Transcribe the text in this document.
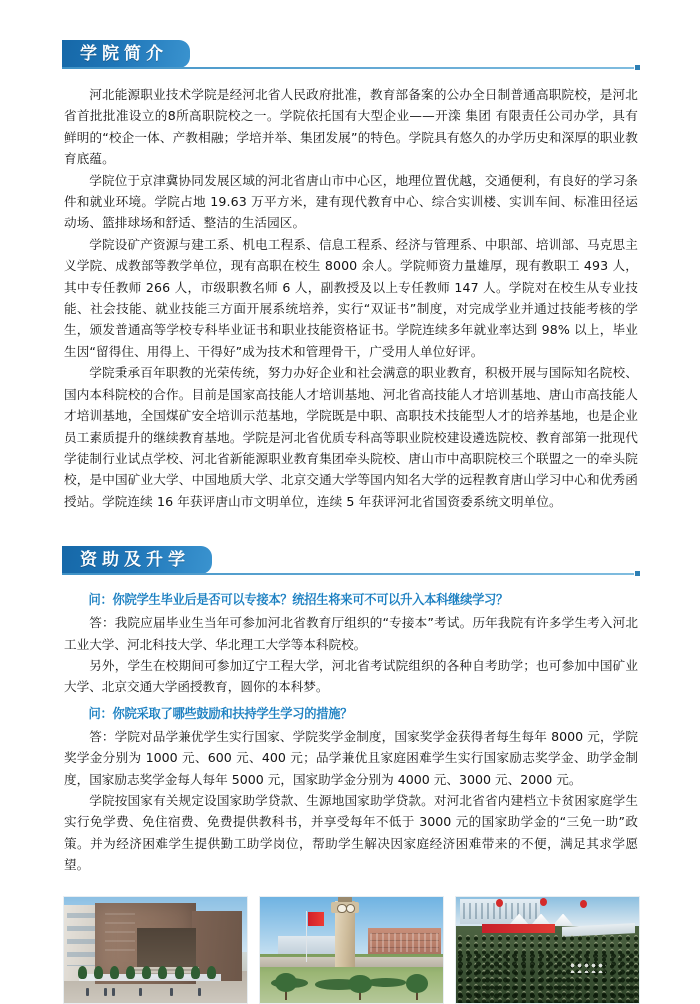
学院简介

河北能源职业技术学院是经河北省人民政府批准，教育部备案的公办全日制普通高职院校，是河北省首批批准设立的8所高职院校之一。学院依托国有大型企业——开滦 集团 有限责任公司办学，具有鲜明的“校企一体、产教相融；学培并举、集团发展”的特色。学院具有悠久的办学历史和深厚的职业教育底蕴。

学院位于京津冀协同发展区域的河北省唐山市中心区，地理位置优越，交通便利，有良好的学习条件和就业环境。学院占地 19.63 万平方米，建有现代教育中心、综合实训楼、实训车间、标准田径运动场、篮排球场和舒适、整洁的生活园区。

学院设矿产资源与建工系、机电工程系、信息工程系、经济与管理系、中职部、培训部、马克思主义学院、成教部等教学单位，现有高职在校生 8000 余人。学院师资力量雄厚，现有教职工 493 人，其中专任教师 266 人，市级职教名师 6 人，副教授及以上专任教师 147 人。学院对在校生从专业技能、社会技能、就业技能三方面开展系统培养，实行“双证书”制度，对完成学业并通过技能考核的学生，颁发普通高等学校专科毕业证书和职业技能资格证书。学院连续多年就业率达到 98% 以上，毕业生因“留得住、用得上、干得好”成为技术和管理骨干，广受用人单位好评。

学院秉承百年职教的光荣传统，努力办好企业和社会满意的职业教育，积极开展与国际知名院校、国内本科院校的合作。目前是国家高技能人才培训基地、河北省高技能人才培训基地、唐山市高技能人才培训基地，全国煤矿安全培训示范基地，学院既是中职、高职技术技能型人才的培养基地，也是企业员工素质提升的继续教育基地。学院是河北省优质专科高等职业院校建设遴选院校、教育部第一批现代学徒制行业试点学校、河北省新能源职业教育集团牵头院校、唐山市中高职院校三个联盟之一的牵头院校，是中国矿业大学、中国地质大学、北京交通大学等国内知名大学的远程教育唐山学习中心和优秀函授站。学院连续 16 年获评唐山市文明单位，连续 5 年获评河北省国资委系统文明单位。

资助及升学

问：你院学生毕业后是否可以专接本？统招生将来可不可以升入本科继续学习？

答：我院应届毕业生当年可参加河北省教育厅组织的“专接本”考试。历年我院有许多学生考入河北工业大学、河北科技大学、华北理工大学等本科院校。

另外，学生在校期间可参加辽宁工程大学，河北省考试院组织的各种自考助学；也可参加中国矿业大学、北京交通大学函授教育，圆你的本科梦。

问：你院采取了哪些鼓励和扶持学生学习的措施？

答：学院对品学兼优学生实行国家、学院奖学金制度，国家奖学金获得者每生每年 8000 元，学院奖学金分别为 1000 元、600 元、400 元；品学兼优且家庭困难学生实行国家励志奖学金、助学金制度，国家励志奖学金每人每年 5000 元，国家助学金分别为 4000 元、3000 元、2000 元。

学院按国家有关规定设国家助学贷款、生源地国家助学贷款。对河北省省内建档立卡贫困家庭学生实行免学费、免住宿费、免费提供教科书，并享受每年不低于 3000 元的国家助学金的“三免一助”政策。并为经济困难学生提供勤工助学岗位，帮助学生解决因家庭经济困难带来的不便，满足其求学愿望。
